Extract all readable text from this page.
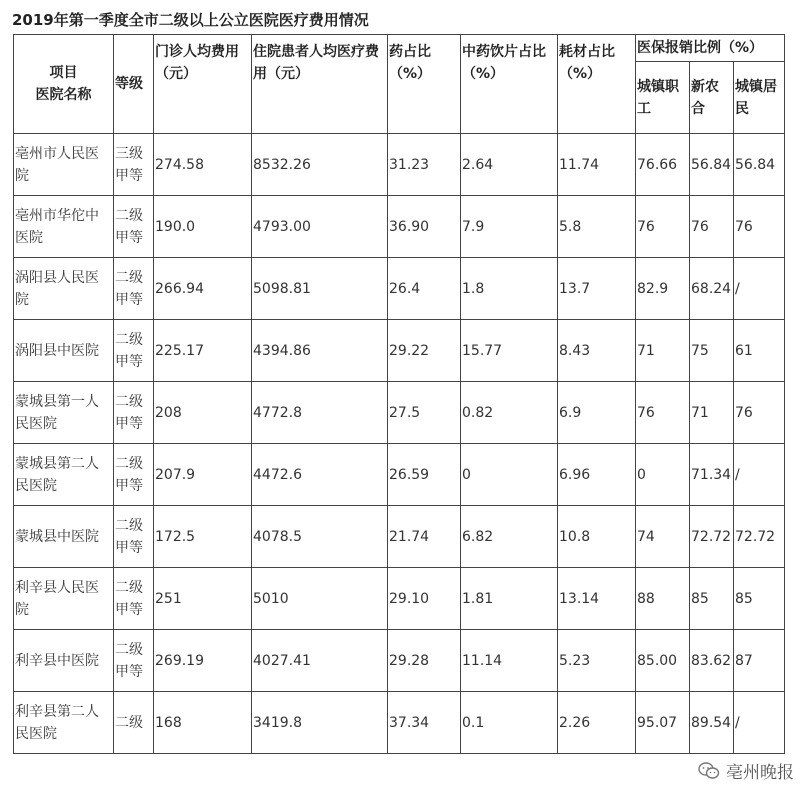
2019年第一季度全市二级以上公立医院医疗费用情况
项目
医院名称	等级	门诊人均费用（元）	住院患者人均医疗费用（元）	药占比（%）	中药饮片占比（%）	耗材占比（%）	医保报销比例（%）		
							城镇职工	新农合	城镇居民
亳州市人民医院	三级甲等	274.58	8532.26	31.23	2.64	11.74	76.66	56.84	56.84
亳州市华佗中医院	二级甲等	190.0	4793.00	36.90	7.9	5.8	76	76	76
涡阳县人民医院	二级甲等	266.94	5098.81	26.4	1.8	13.7	82.9	68.24	/
涡阳县中医院	二级甲等	225.17	4394.86	29.22	15.77	8.43	71	75	61
蒙城县第一人民医院	二级甲等	208	4772.8	27.5	0.82	6.9	76	71	76
蒙城县第二人民医院	二级甲等	207.9	4472.6	26.59	0	6.96	0	71.34	/
蒙城县中医院	二级甲等	172.5	4078.5	21.74	6.82	10.8	74	72.72	72.72
利辛县人民医院	二级甲等	251	5010	29.10	1.81	13.14	88	85	85
利辛县中医院	二级甲等	269.19	4027.41	29.28	11.14	5.23	85.00	83.62	87
利辛县第二人民医院	二级	168	3419.8	37.34	0.1	2.26	95.07	89.54	/
亳州晚报
